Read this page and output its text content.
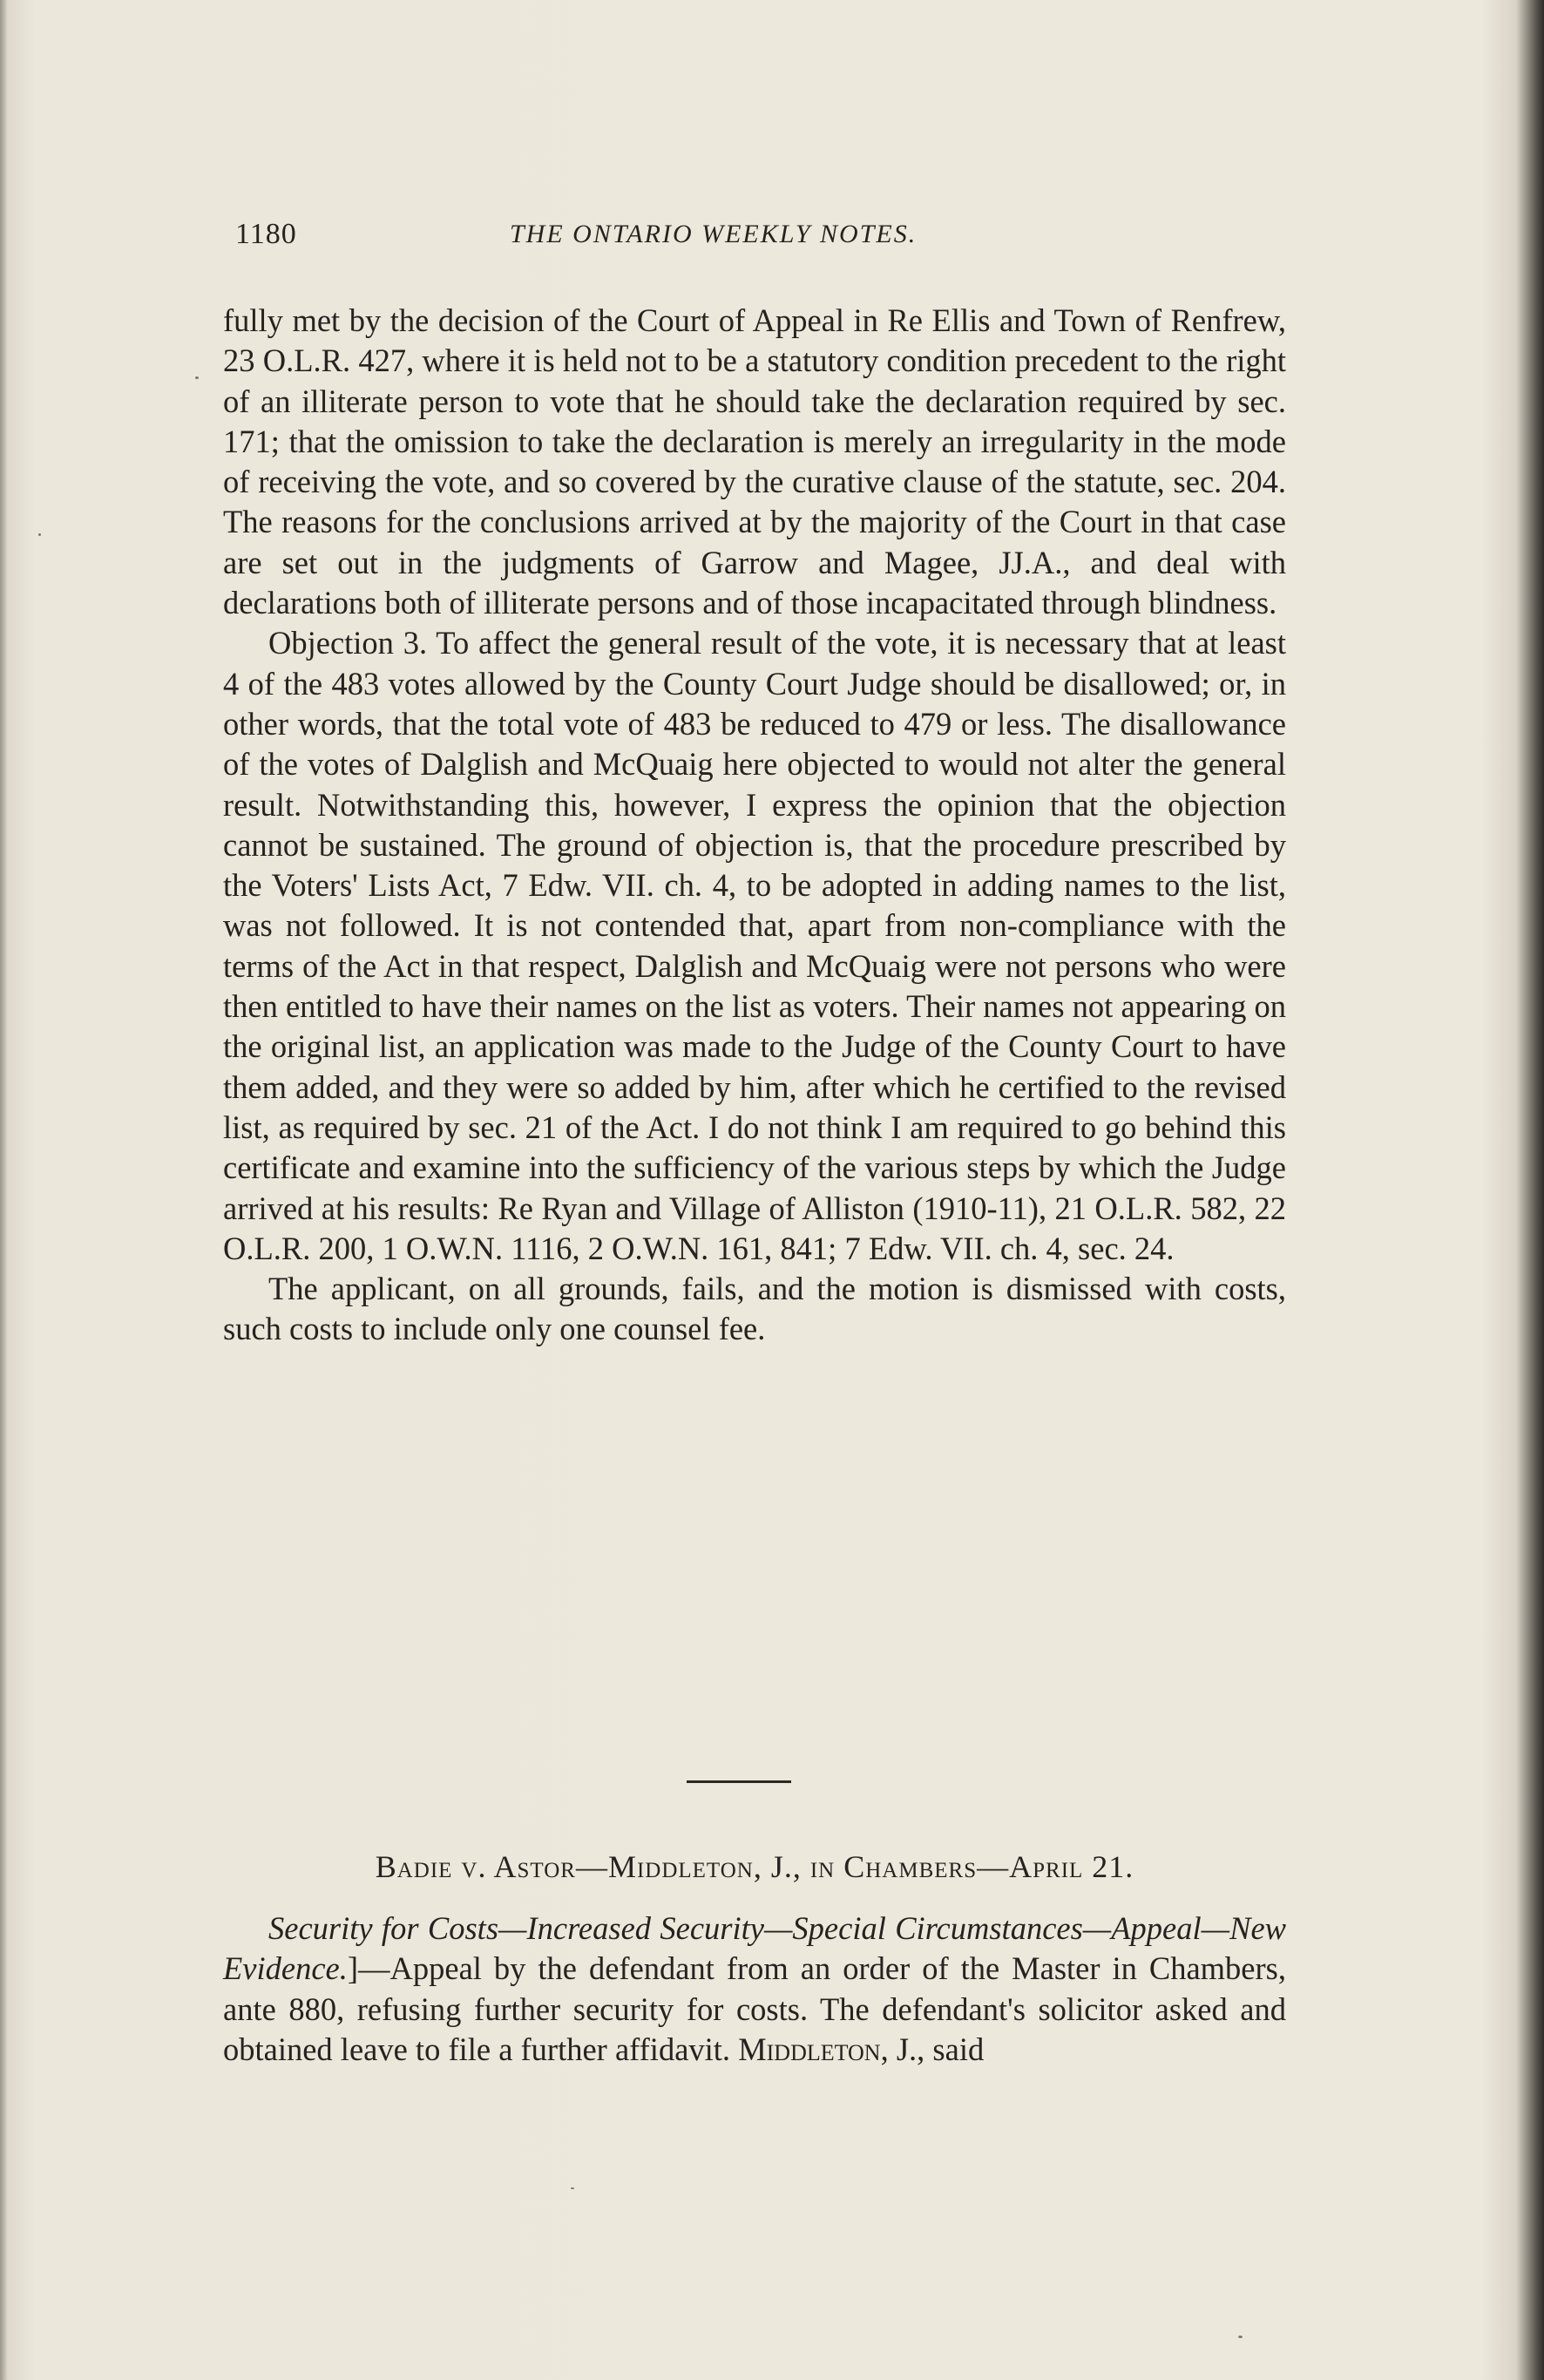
1180	THE ONTARIO WEEKLY NOTES.

fully met by the decision of the Court of Appeal in Re Ellis and Town of Renfrew, 23 O.L.R. 427, where it is held not to be a statutory condition precedent to the right of an illiterate person to vote that he should take the declaration required by sec. 171; that the omission to take the declaration is merely an irregularity in the mode of receiving the vote, and so covered by the curative clause of the statute, sec. 204. The reasons for the conclusions arrived at by the majority of the Court in that case are set out in the judgments of Garrow and Magee, JJ.A., and deal with declarations both of illiterate persons and of those incapacitated through blindness.

Objection 3. To affect the general result of the vote, it is necessary that at least 4 of the 483 votes allowed by the County Court Judge should be disallowed; or, in other words, that the total vote of 483 be reduced to 479 or less. The disallowance of the votes of Dalglish and McQuaig here objected to would not alter the general result. Notwithstanding this, however, I express the opinion that the objection cannot be sustained. The ground of objection is, that the procedure prescribed by the Voters' Lists Act, 7 Edw. VII. ch. 4, to be adopted in adding names to the list, was not followed. It is not contended that, apart from non-compliance with the terms of the Act in that respect, Dalglish and McQuaig were not persons who were then entitled to have their names on the list as voters. Their names not appearing on the original list, an application was made to the Judge of the County Court to have them added, and they were so added by him, after which he certified to the revised list, as required by sec. 21 of the Act. I do not think I am required to go behind this certificate and examine into the sufficiency of the various steps by which the Judge arrived at his results: Re Ryan and Village of Alliston (1910-11), 21 O.L.R. 582, 22 O.L.R. 200, 1 O.W.N. 1116, 2 O.W.N. 161, 841; 7 Edw. VII. ch. 4, sec. 24.

The applicant, on all grounds, fails, and the motion is dismissed with costs, such costs to include only one counsel fee.

Badie v. Astor—Middleton, J., in Chambers—April 21.

Security for Costs—Increased Security—Special Circumstances—Appeal—New Evidence.]—Appeal by the defendant from an order of the Master in Chambers, ante 880, refusing further security for costs. The defendant's solicitor asked and obtained leave to file a further affidavit. Middleton, J., said
